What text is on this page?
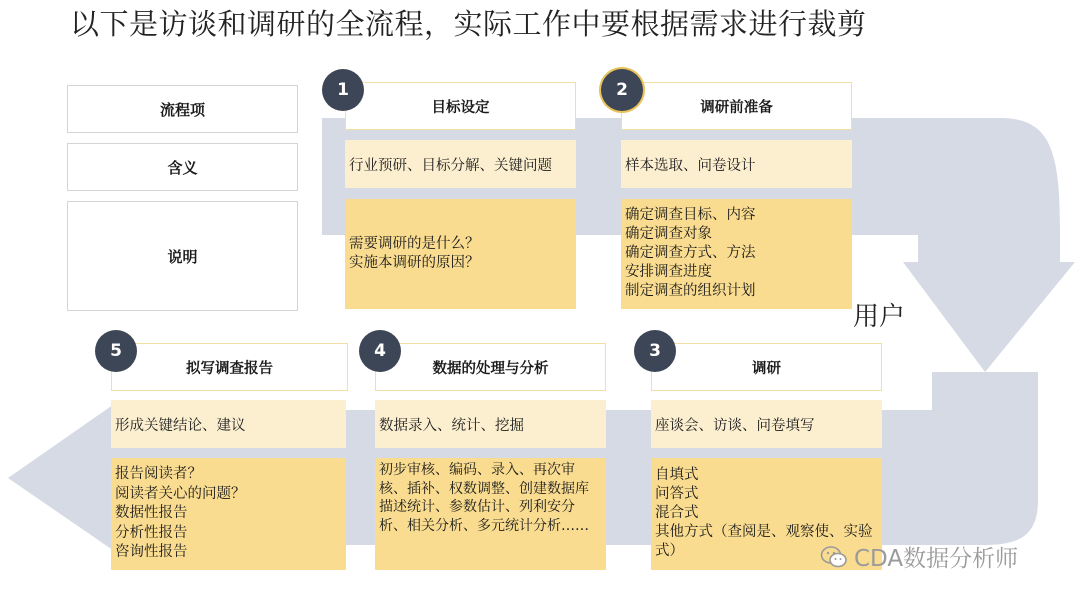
以下是访谈和调研的全流程，实际工作中要根据需求进行裁剪
流程项
含义
说明
目标设定
行业预研、目标分解、关键问题
需要调研的是什么？
实施本调研的原因？
1
调研前准备
样本选取、问卷设计
确定调查目标、内容
确定调查对象
确定调查方式、方法
安排调查进度
制定调查的组织计划
2
调研
座谈会、访谈、问卷填写
自填式
问答式
混合式
其他方式（查阅是、观察使、实验式）
3
数据的处理与分析
数据录入、统计、挖掘
初步审核、编码、录入、再次审核、插补、权数调整、创建数据库
描述统计、参数估计、列利安分析、相关分析、多元统计分析……
4
拟写调查报告
形成关键结论、建议
报告阅读者？
阅读者关心的问题？
数据性报告
分析性报告
咨询性报告
5
用户
CDA数据分析师
